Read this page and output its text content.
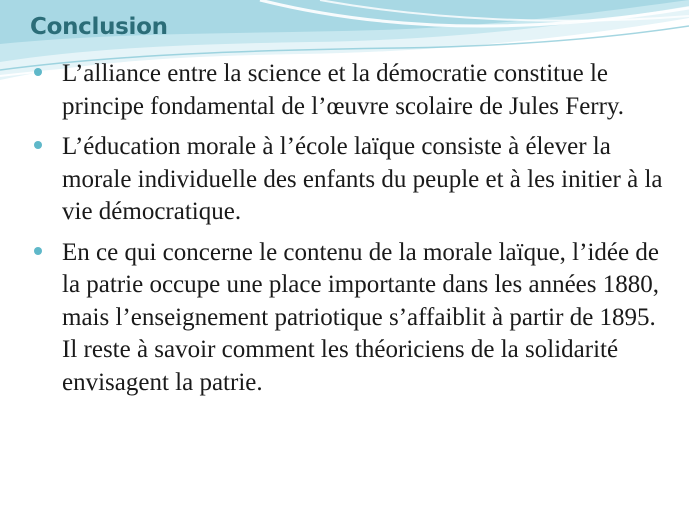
Conclusion
L’alliance entre la science et la démocratie constitue le principe fondamental de l’œuvre scolaire de Jules Ferry.
L’éducation morale à l’école laïque consiste à élever la morale individuelle des enfants du peuple et à les initier à la vie démocratique.
En ce qui concerne le contenu de la morale laïque, l’idée de la patrie occupe une place importante dans les années 1880, mais l’enseignement patriotique s’affaiblit à partir de 1895. Il reste à savoir comment les théoriciens de la solidarité envisagent la patrie.
